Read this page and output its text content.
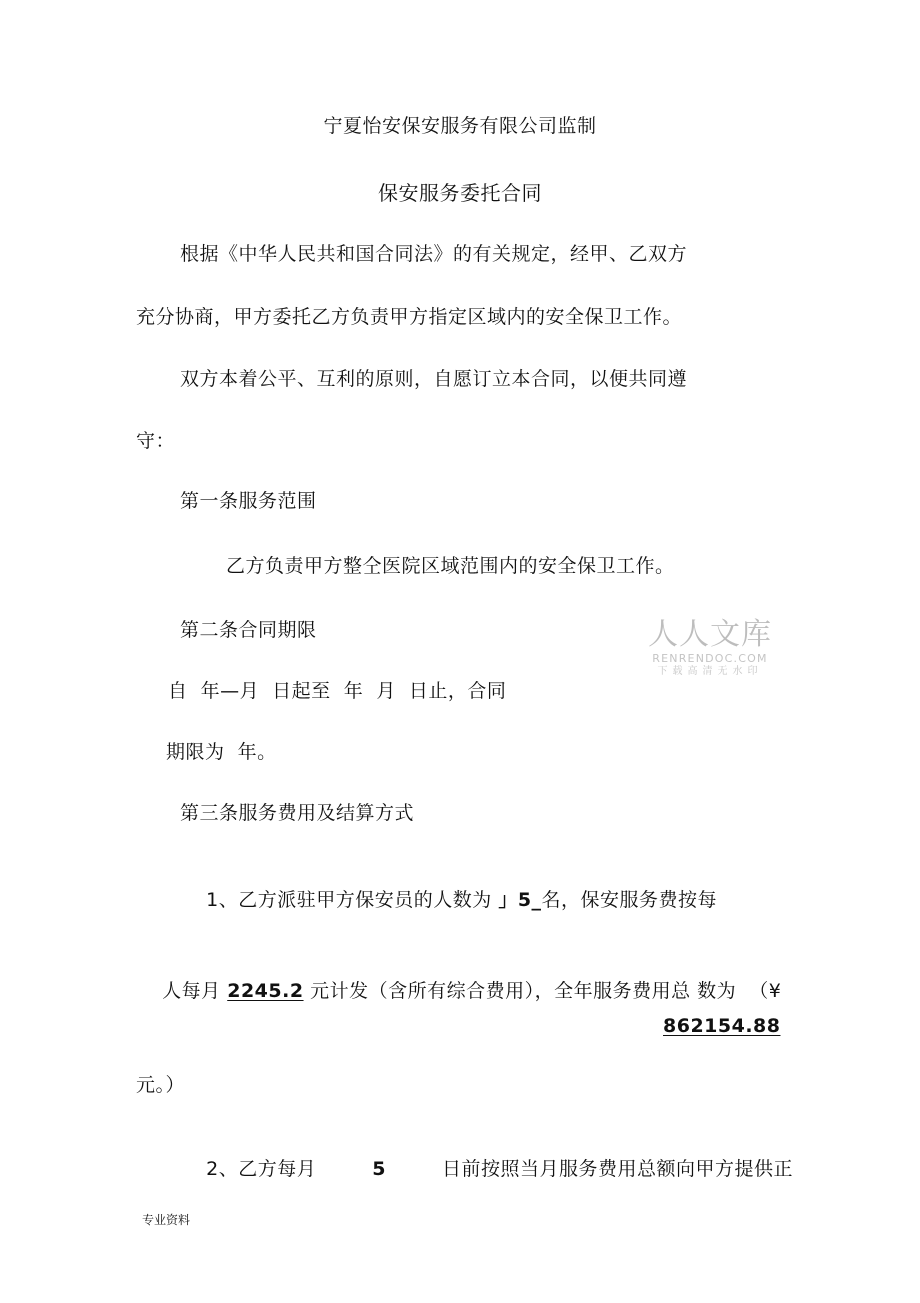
宁夏怡安保安服务有限公司监制
保安服务委托合同
根据《中华人民共和国合同法》的有关规定，经甲、乙双方
充分协商，甲方委托乙方负责甲方指定区域内的安全保卫工作。
双方本着公平、互利的原则，自愿订立本合同，以便共同遵
守：
第一条服务范围
乙方负责甲方整仝医院区域范围内的安全保卫工作。
第二条合同期限
自  年—月  日起至  年  月  日止，合同
期限为  年。
第三条服务费用及结算方式

1、乙方派驻甲方保安员的人数为 」5_名，保安服务费按每

人每月 2245.2 元计发（含所有综合费用），全年服务费用总 数为  （¥

862154.88
元。）

2、乙方每月	5	日前按照当月服务费用总额向甲方提供正

专业资料
人人文库
RENRENDOC.COM
下载高清无水印
